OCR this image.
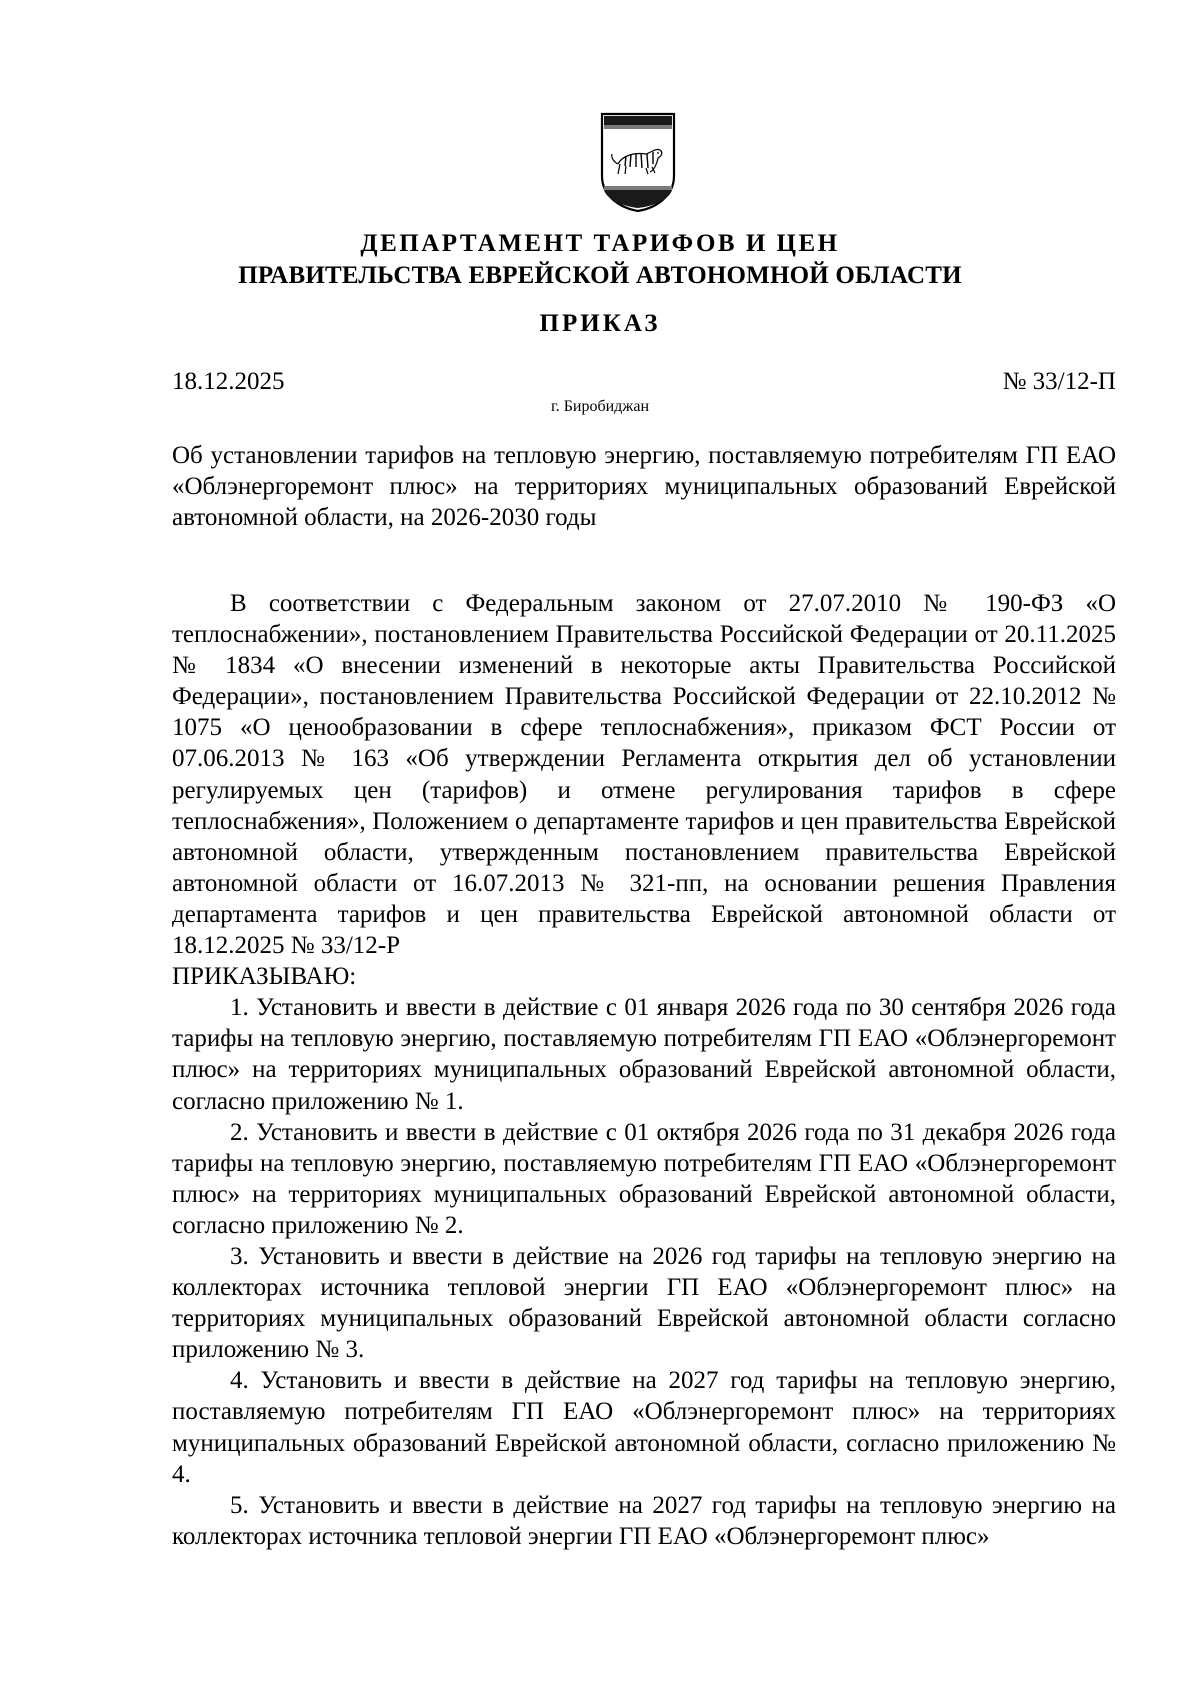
ДЕПАРТАМЕНТ ТАРИФОВ И ЦЕН
ПРАВИТЕЛЬСТВА ЕВРЕЙСКОЙ АВТОНОМНОЙ ОБЛАСТИ
ПРИКАЗ
18.12.2025	№ 33/12-П
г. Биробиджан
Об установлении тарифов на тепловую энергию, поставляемую потребителям ГП ЕАО «Облэнергоремонт плюс» на территориях муниципальных образований Еврейской автономной области, на 2026-2030 годы

В соответствии с Федеральным законом от 27.07.2010 № 190-ФЗ «О теплоснабжении», постановлением Правительства Российской Федерации от 20.11.2025 № 1834 «О внесении изменений в некоторые акты Правительства Российской Федерации», постановлением Правительства Российской Федерации от 22.10.2012 № 1075 «О ценообразовании в сфере теплоснабжения», приказом ФСТ России от 07.06.2013 № 163 «Об утверждении Регламента открытия дел об установлении регулируемых цен (тарифов) и отмене регулирования тарифов в сфере теплоснабжения», Положением о департаменте тарифов и цен правительства Еврейской автономной области, утвержденным постановлением правительства Еврейской автономной области от 16.07.2013 № 321-пп, на основании решения Правления департамента тарифов и цен правительства Еврейской автономной области от 18.12.2025 № 33/12-Р

ПРИКАЗЫВАЮ:

1. Установить и ввести в действие с 01 января 2026 года по 30 сентября 2026 года тарифы на тепловую энергию, поставляемую потребителям ГП ЕАО «Облэнергоремонт плюс» на территориях муниципальных образований Еврейской автономной области, согласно приложению № 1.

2. Установить и ввести в действие с 01 октября 2026 года по 31 декабря 2026 года тарифы на тепловую энергию, поставляемую потребителям ГП ЕАО «Облэнергоремонт плюс» на территориях муниципальных образований Еврейской автономной области, согласно приложению № 2.

3. Установить и ввести в действие на 2026 год тарифы на тепловую энергию на коллекторах источника тепловой энергии ГП ЕАО «Облэнергоремонт плюс» на территориях муниципальных образований Еврейской автономной области согласно приложению № 3.

4. Установить и ввести в действие на 2027 год тарифы на тепловую энергию, поставляемую потребителям ГП ЕАО «Облэнергоремонт плюс» на территориях муниципальных образований Еврейской автономной области, согласно приложению № 4.

5. Установить и ввести в действие на 2027 год тарифы на тепловую энергию на коллекторах источника тепловой энергии ГП ЕАО «Облэнергоремонт плюс»
